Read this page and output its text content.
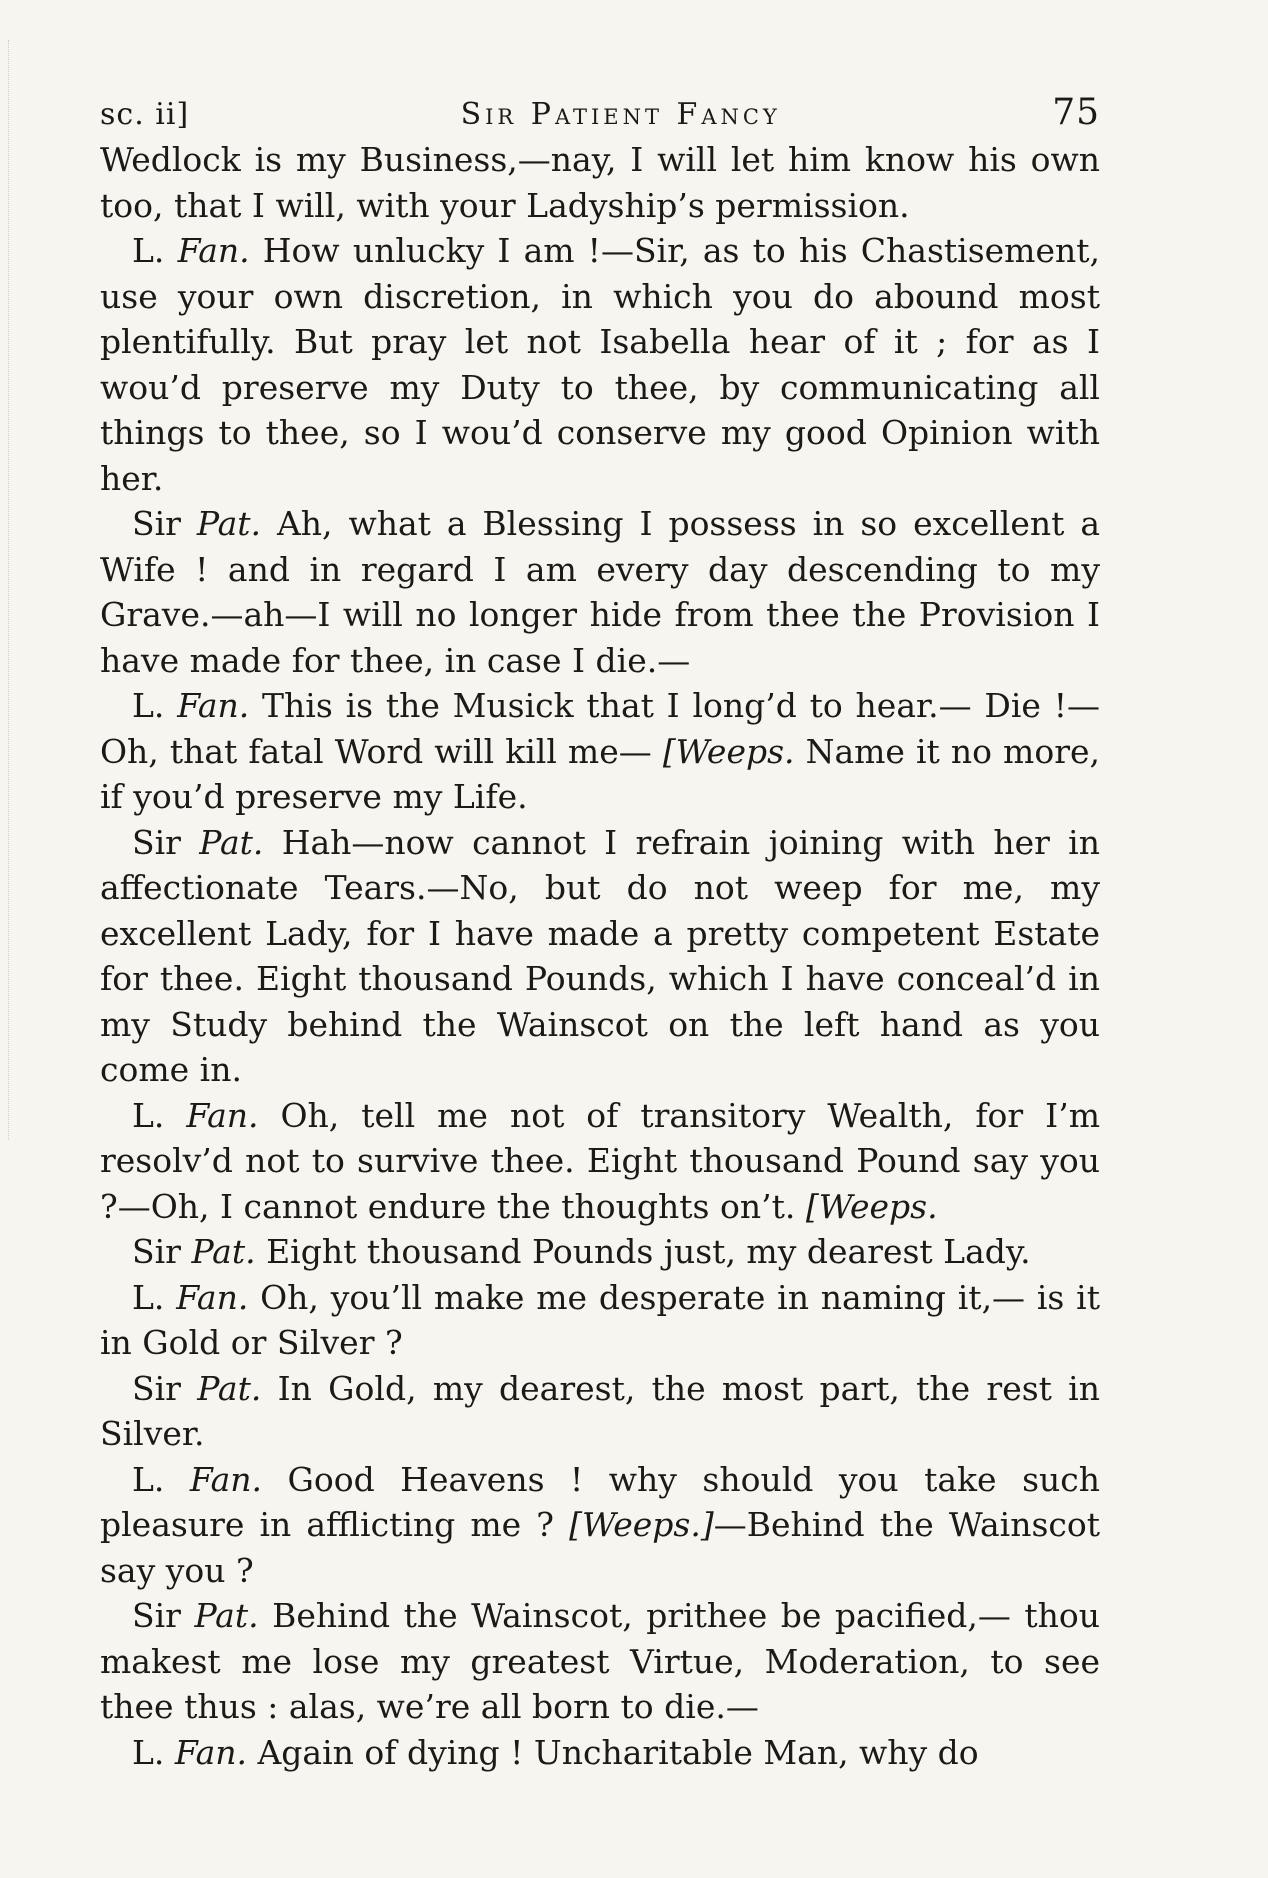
sc. ii]	Sir Patient Fancy	75

Wedlock is my Business,—nay, I will let him know his own too, that I will, with your Ladyship’s permission.

L. Fan. How unlucky I am !—Sir, as to his Chastisement, use your own discretion, in which you do abound most plentifully. But pray let not Isabella hear of it ; for as I wou’d preserve my Duty to thee, by communicating all things to thee, so I wou’d conserve my good Opinion with her.

Sir Pat. Ah, what a Blessing I possess in so excellent a Wife ! and in regard I am every day descending to my Grave.—ah—I will no longer hide from thee the Provision I have made for thee, in case I die.—

L. Fan. This is the Musick that I long’d to hear.— Die !—Oh, that fatal Word will kill me— [Weeps. Name it no more, if you’d preserve my Life.

Sir Pat. Hah—now cannot I refrain joining with her in affectionate Tears.—No, but do not weep for me, my excellent Lady, for I have made a pretty competent Estate for thee. Eight thousand Pounds, which I have conceal’d in my Study behind the Wainscot on the left hand as you come in.

L. Fan. Oh, tell me not of transitory Wealth, for I’m resolv’d not to survive thee. Eight thousand Pound say you ?—Oh, I cannot endure the thoughts on’t. [Weeps.

Sir Pat. Eight thousand Pounds just, my dearest Lady.

L. Fan. Oh, you’ll make me desperate in naming it,— is it in Gold or Silver ?

Sir Pat. In Gold, my dearest, the most part, the rest in Silver.

L. Fan. Good Heavens ! why should you take such pleasure in afflicting me ? [Weeps.]—Behind the Wainscot say you ?

Sir Pat. Behind the Wainscot, prithee be pacified,— thou makest me lose my greatest Virtue, Moderation, to see thee thus : alas, we’re all born to die.—

L. Fan. Again of dying ! Uncharitable Man, why do
